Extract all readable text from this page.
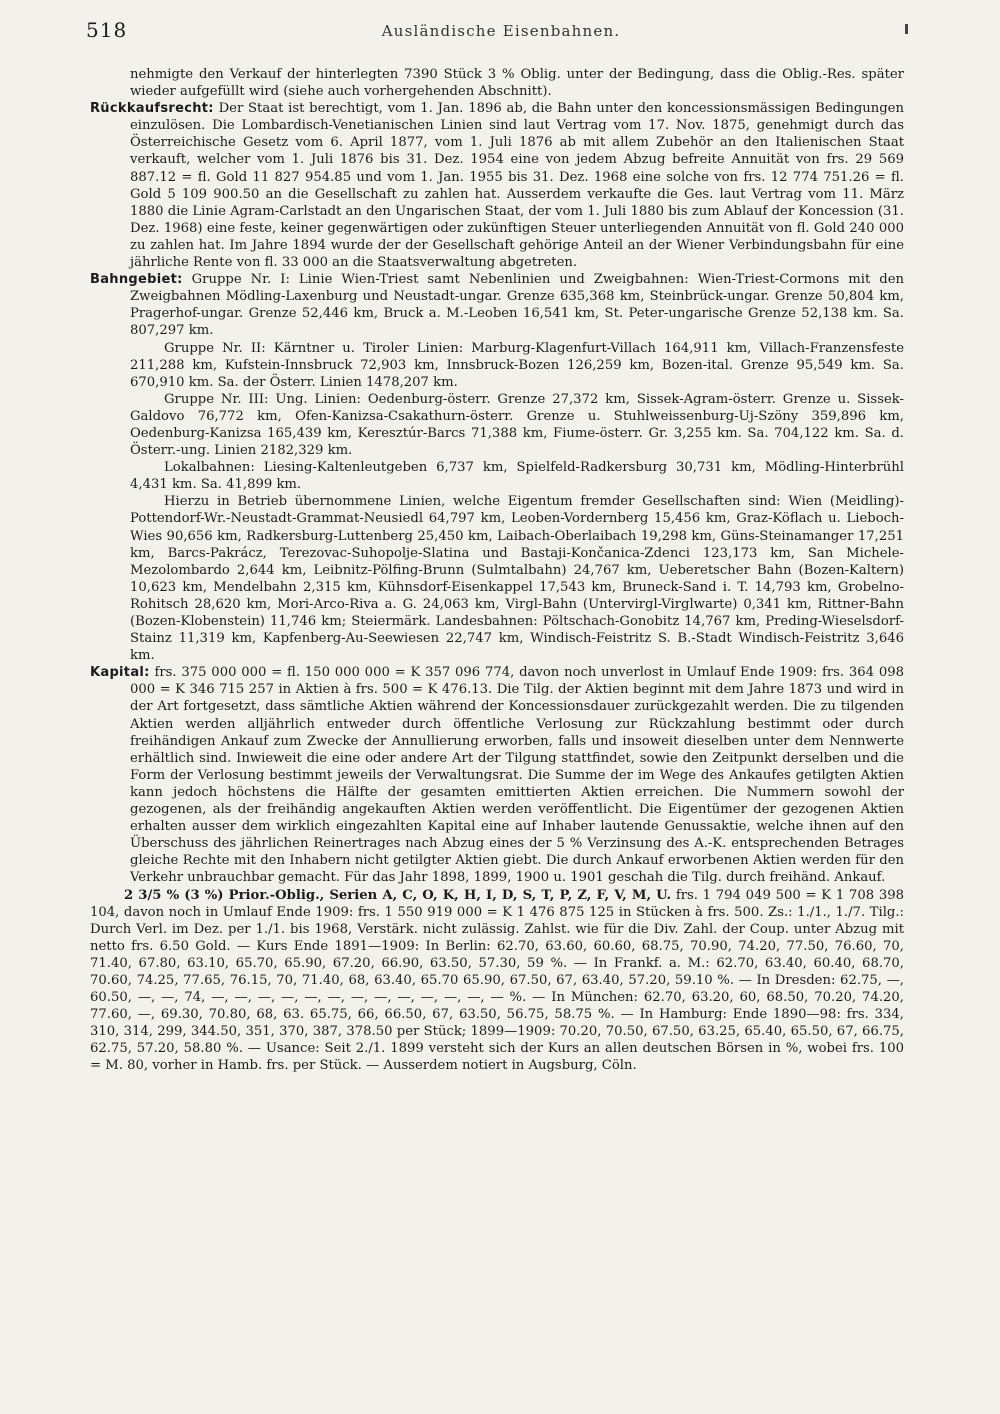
518	Ausländische Eisenbahnen.

nehmigte den Verkauf der hinterlegten 7390 Stück 3 % Oblig. unter der Bedingung, dass die Oblig.-Res. später wieder aufgefüllt wird (siehe auch vorhergehenden Abschnitt).

Rückkaufsrecht: Der Staat ist berechtigt, vom 1. Jan. 1896 ab, die Bahn unter den koncessionsmässigen Bedingungen einzulösen. Die Lombardisch-Venetianischen Linien sind laut Vertrag vom 17. Nov. 1875, genehmigt durch das Österreichische Gesetz vom 6. April 1877, vom 1. Juli 1876 ab mit allem Zubehör an den Italienischen Staat verkauft, welcher vom 1. Juli 1876 bis 31. Dez. 1954 eine von jedem Abzug befreite Annuität von frs. 29 569 887.12 = fl. Gold 11 827 954.85 und vom 1. Jan. 1955 bis 31. Dez. 1968 eine solche von frs. 12 774 751.26 = fl. Gold 5 109 900.50 an die Gesellschaft zu zahlen hat. Ausserdem verkaufte die Ges. laut Vertrag vom 11. März 1880 die Linie Agram-Carlstadt an den Ungarischen Staat, der vom 1. Juli 1880 bis zum Ablauf der Koncession (31. Dez. 1968) eine feste, keiner gegenwärtigen oder zukünftigen Steuer unterliegenden Annuität von fl. Gold 240 000 zu zahlen hat. Im Jahre 1894 wurde der der Gesellschaft gehörige Anteil an der Wiener Verbindungsbahn für eine jährliche Rente von fl. 33 000 an die Staatsverwaltung abgetreten.

Bahngebiet: Gruppe Nr. I: Linie Wien-Triest samt Nebenlinien und Zweigbahnen: Wien-Triest-Cormons mit den Zweigbahnen Mödling-Laxenburg und Neustadt-ungar. Grenze 635,368 km, Steinbrück-ungar. Grenze 50,804 km, Pragerhof-ungar. Grenze 52,446 km, Bruck a. M.-Leoben 16,541 km, St. Peter-ungarische Grenze 52,138 km. Sa. 807,297 km.

Gruppe Nr. II: Kärntner u. Tiroler Linien: Marburg-Klagenfurt-Villach 164,911 km, Villach-Franzensfeste 211,288 km, Kufstein-Innsbruck 72,903 km, Innsbruck-Bozen 126,259 km, Bozen-ital. Grenze 95,549 km. Sa. 670,910 km. Sa. der Österr. Linien 1478,207 km.

Gruppe Nr. III: Ung. Linien: Oedenburg-österr. Grenze 27,372 km, Sissek-Agram-österr. Grenze u. Sissek-Galdovo 76,772 km, Ofen-Kanizsa-Csakathurn-österr. Grenze u. Stuhlweissenburg-Uj-Szöny 359,896 km, Oedenburg-Kanizsa 165,439 km, Keresztúr-Barcs 71,388 km, Fiume-österr. Gr. 3,255 km. Sa. 704,122 km. Sa. d. Österr.-ung. Linien 2182,329 km.

Lokalbahnen: Liesing-Kaltenleutgeben 6,737 km, Spielfeld-Radkersburg 30,731 km, Mödling-Hinterbrühl 4,431 km. Sa. 41,899 km.

Hierzu in Betrieb übernommene Linien, welche Eigentum fremder Gesellschaften sind: Wien (Meidling)-Pottendorf-Wr.-Neustadt-Grammat-Neusiedl 64,797 km, Leoben-Vordernberg 15,456 km, Graz-Köflach u. Lieboch-Wies 90,656 km, Radkersburg-Luttenberg 25,450 km, Laibach-Oberlaibach 19,298 km, Güns-Steinamanger 17,251 km, Barcs-Pakrácz, Terezovac-Suhopolje-Slatina und Bastaji-Končanica-Zdenci 123,173 km, San Michele-Mezolombardo 2,644 km, Leibnitz-Pölfing-Brunn (Sulmtalbahn) 24,767 km, Ueberetscher Bahn (Bozen-Kaltern) 10,623 km, Mendelbahn 2,315 km, Kühnsdorf-Eisenkappel 17,543 km, Bruneck-Sand i. T. 14,793 km, Grobelno-Rohitsch 28,620 km, Mori-Arco-Riva a. G. 24,063 km, Virgl-Bahn (Untervirgl-Virglwarte) 0,341 km, Rittner-Bahn (Bozen-Klobenstein) 11,746 km; Steiermärk. Landesbahnen: Pöltschach-Gonobitz 14,767 km, Preding-Wieselsdorf-Stainz 11,319 km, Kapfenberg-Au-Seewiesen 22,747 km, Windisch-Feistritz S. B.-Stadt Windisch-Feistritz 3,646 km.

Kapital: frs. 375 000 000 = fl. 150 000 000 = K 357 096 774, davon noch unverlost in Umlauf Ende 1909: frs. 364 098 000 = K 346 715 257 in Aktien à frs. 500 = K 476.13. Die Tilg. der Aktien beginnt mit dem Jahre 1873 und wird in der Art fortgesetzt, dass sämtliche Aktien während der Koncessionsdauer zurückgezahlt werden. Die zu tilgenden Aktien werden alljährlich entweder durch öffentliche Verlosung zur Rückzahlung bestimmt oder durch freihändigen Ankauf zum Zwecke der Annullierung erworben, falls und insoweit dieselben unter dem Nennwerte erhältlich sind. Inwieweit die eine oder andere Art der Tilgung stattfindet, sowie den Zeitpunkt derselben und die Form der Verlosung bestimmt jeweils der Verwaltungsrat. Die Summe der im Wege des Ankaufes getilgten Aktien kann jedoch höchstens die Hälfte der gesamten emittierten Aktien erreichen. Die Nummern sowohl der gezogenen, als der freihändig angekauften Aktien werden veröffentlicht. Die Eigentümer der gezogenen Aktien erhalten ausser dem wirklich eingezahlten Kapital eine auf Inhaber lautende Genussaktie, welche ihnen auf den Überschuss des jährlichen Reinertrages nach Abzug eines der 5 % Verzinsung des A.-K. entsprechenden Betrages gleiche Rechte mit den Inhabern nicht getilgter Aktien giebt. Die durch Ankauf erworbenen Aktien werden für den Verkehr unbrauchbar gemacht. Für das Jahr 1898, 1899, 1900 u. 1901 geschah die Tilg. durch freihänd. Ankauf.

2 3/5 % (3 %) Prior.-Oblig., Serien A, C, O, K, H, I, D, S, T, P, Z, F, V, M, U. frs. 1 794 049 500 = K 1 708 398 104, davon noch in Umlauf Ende 1909: frs. 1 550 919 000 = K 1 476 875 125 in Stücken à frs. 500. Zs.: 1./1., 1./7. Tilg.: Durch Verl. im Dez. per 1./1. bis 1968, Verstärk. nicht zulässig. Zahlst. wie für die Div. Zahl. der Coup. unter Abzug mit netto frs. 6.50 Gold. — Kurs Ende 1891—1909: In Berlin: 62.70, 63.60, 60.60, 68.75, 70.90, 74.20, 77.50, 76.60, 70, 71.40, 67.80, 63.10, 65.70, 65.90, 67.20, 66.90, 63.50, 57.30, 59 %. — In Frankf. a. M.: 62.70, 63.40, 60.40, 68.70, 70.60, 74.25, 77.65, 76.15, 70, 71.40, 68, 63.40, 65.70 65.90, 67.50, 67, 63.40, 57.20, 59.10 %. — In Dresden: 62.75, —, 60.50, —, —, 74, —, —, —, —, —, —, —, —, —, —, —, —, — %. — In München: 62.70, 63.20, 60, 68.50, 70.20, 74.20, 77.60, —, 69.30, 70.80, 68, 63. 65.75, 66, 66.50, 67, 63.50, 56.75, 58.75 %. — In Hamburg: Ende 1890—98: frs. 334, 310, 314, 299, 344.50, 351, 370, 387, 378.50 per Stück; 1899—1909: 70.20, 70.50, 67.50, 63.25, 65.40, 65.50, 67, 66.75, 62.75, 57.20, 58.80 %. — Usance: Seit 2./1. 1899 versteht sich der Kurs an allen deutschen Börsen in %, wobei frs. 100 = M. 80, vorher in Hamb. frs. per Stück. — Ausserdem notiert in Augsburg, Cöln.
